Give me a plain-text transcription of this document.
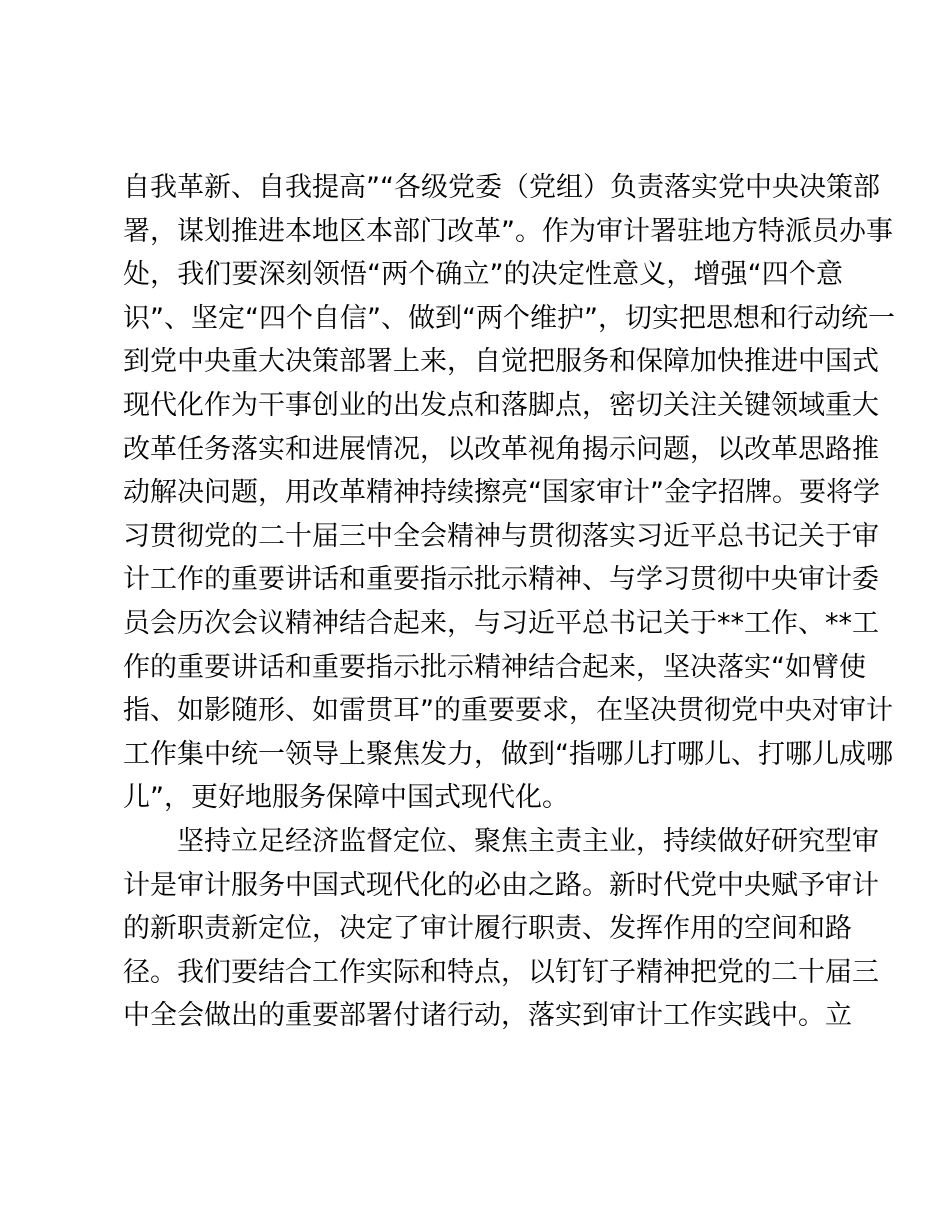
自我革新、自我提高”“各级党委（党组）负责落实党中央决策部
署，谋划推进本地区本部门改革”。作为审计署驻地方特派员办事
处，我们要深刻领悟“两个确立”的决定性意义，增强“四个意
识”、坚定“四个自信”、做到“两个维护”，切实把思想和行动统一
到党中央重大决策部署上来，自觉把服务和保障加快推进中国式
现代化作为干事创业的出发点和落脚点，密切关注关键领域重大
改革任务落实和进展情况，以改革视角揭示问题，以改革思路推
动解决问题，用改革精神持续擦亮“国家审计”金字招牌。要将学
习贯彻党的二十届三中全会精神与贯彻落实习近平总书记关于审
计工作的重要讲话和重要指示批示精神、与学习贯彻中央审计委
员会历次会议精神结合起来，与习近平总书记关于**工作、**工
作的重要讲话和重要指示批示精神结合起来，坚决落实“如臂使
指、如影随形、如雷贯耳”的重要要求，在坚决贯彻党中央对审计
工作集中统一领导上聚焦发力，做到“指哪儿打哪儿、打哪儿成哪
儿”，更好地服务保障中国式现代化。
坚持立足经济监督定位、聚焦主责主业，持续做好研究型审
计是审计服务中国式现代化的必由之路。新时代党中央赋予审计
的新职责新定位，决定了审计履行职责、发挥作用的空间和路
径。我们要结合工作实际和特点，以钉钉子精神把党的二十届三
中全会做出的重要部署付诸行动，落实到审计工作实践中。立
